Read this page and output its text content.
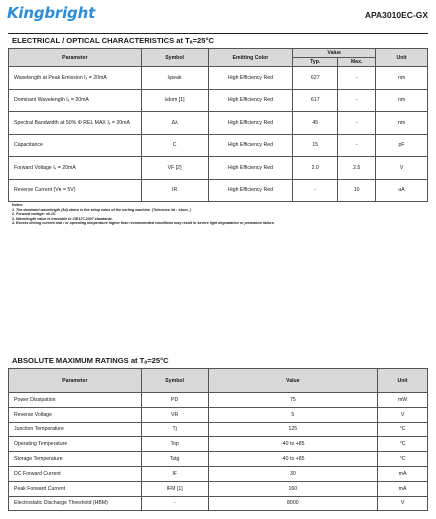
Kingbright	APA3010EC-GX
ELECTRICAL / OPTICAL CHARACTERISTICS at Tₐ=25°C
Parameter	Symbol	Emitting Color	Value		Unit
			Typ.	Max.	
Wavelength at Peak Emission Iₓ = 20mA	λpeak	High Efficiency Red	627	-	nm
Dominant Wavelength Iₓ = 20mA	λdom [1]	High Efficiency Red	617	-	nm
Spectral Bandwidth at 50% Φ REL MAX Iₓ = 20mA	Δλ	High Efficiency Red	45	-	nm
Capacitance	C	High Efficiency Red	15	-	pF
Forward Voltage Iₓ = 20mA	VF [2]	High Efficiency Red	2.0	2.5	V
Reverse Current (Vʀ = 5V)	IR	High Efficiency Red	-	10	uA
Notes:
1. The dominant wavelength (λd) above is the setup value of the sorting machine. (Tolerance λd : ±1nm. )
2. Forward voltage: ±0.1V.
3. Wavelength value is traceable to CIE127-2007 standards.
4. Excess driving current and / or operating temperature higher than recommended conditions may result in severe light degradation or premature failure.
ABSOLUTE MAXIMUM RATINGS at Tₐ=25°C
Parameter	Symbol	Value	Unit
Power Dissipation	PD	75	mW
Reverse Voltage	VR	5	V
Junction Temperature	Tj	125	°C
Operating Temperature	Top	-40 to +85	°C
Storage Temperature	Tstg	-40 to +85	°C
DC Forward Current	IF	30	mA
Peak Forward Current	IFM [1]	160	mA
Electrostatic Discharge Threshold (HBM)	-	8000	V
